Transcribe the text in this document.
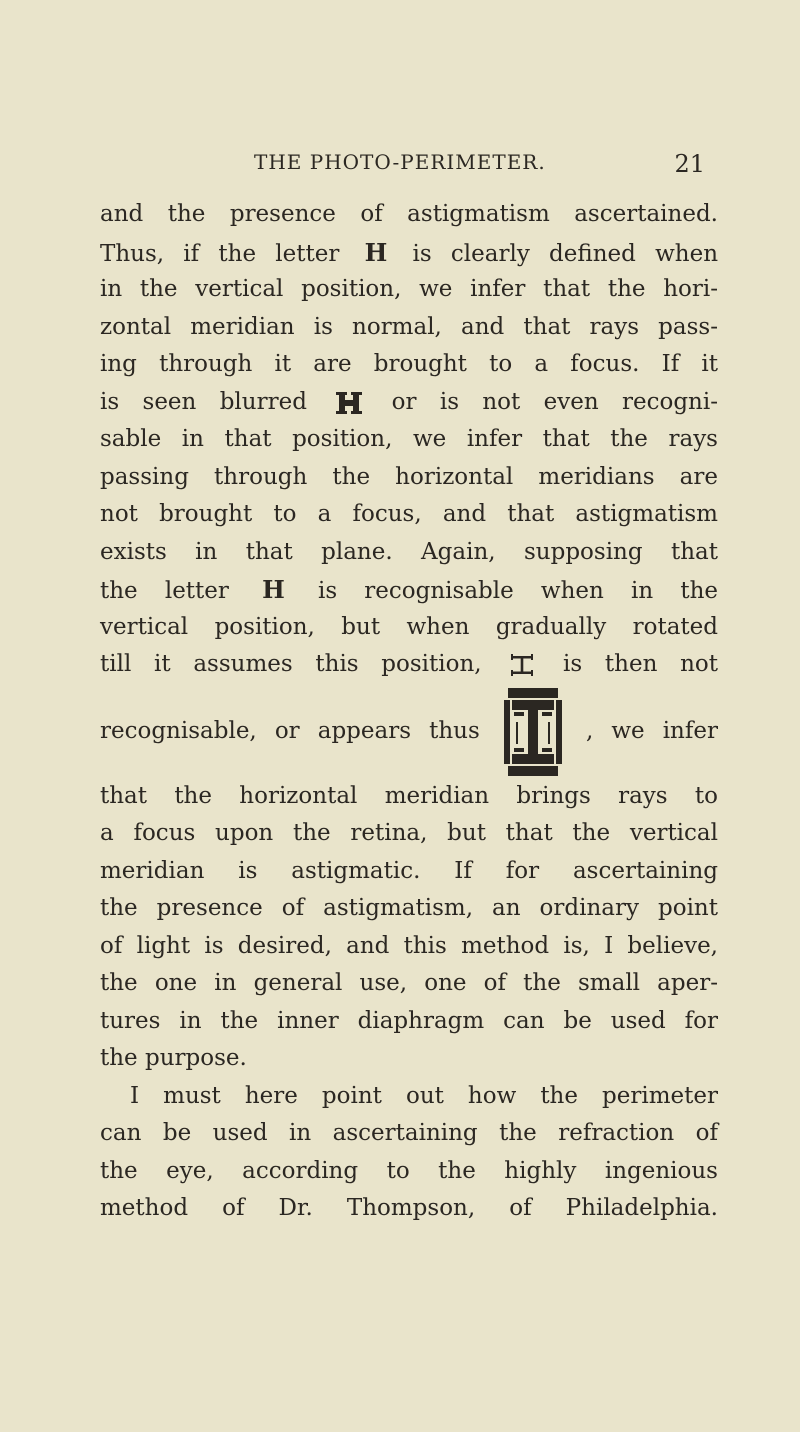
THE PHOTO-PERIMETER.	21
and the presence of astigmatism ascertained.
Thus, if the letter H is clearly defined when
in the vertical position, we infer that the hori-
zontal meridian is normal, and that rays pass-
ing through it are brought to a focus. If it
is seen blurred	or is not even recogni-
sable in that position, we infer that the rays
passing through the horizontal meridians are
not brought to a focus, and that astigmatism
exists in that plane. Again, supposing that
the letter H is recognisable when in the
vertical position, but when gradually rotated
till it assumes this position,	is then not
recognisable, or appears thus	, we infer
that the horizontal meridian brings rays to
a focus upon the retina, but that the vertical
meridian is astigmatic. If for ascertaining
the presence of astigmatism, an ordinary point
of light is desired, and this method is, I believe,
the one in general use, one of the small aper-
tures in the inner diaphragm can be used for
the purpose.
I must here point out how the perimeter
can be used in ascertaining the refraction of
the eye, according to the highly ingenious
method of Dr. Thompson, of Philadelphia.
